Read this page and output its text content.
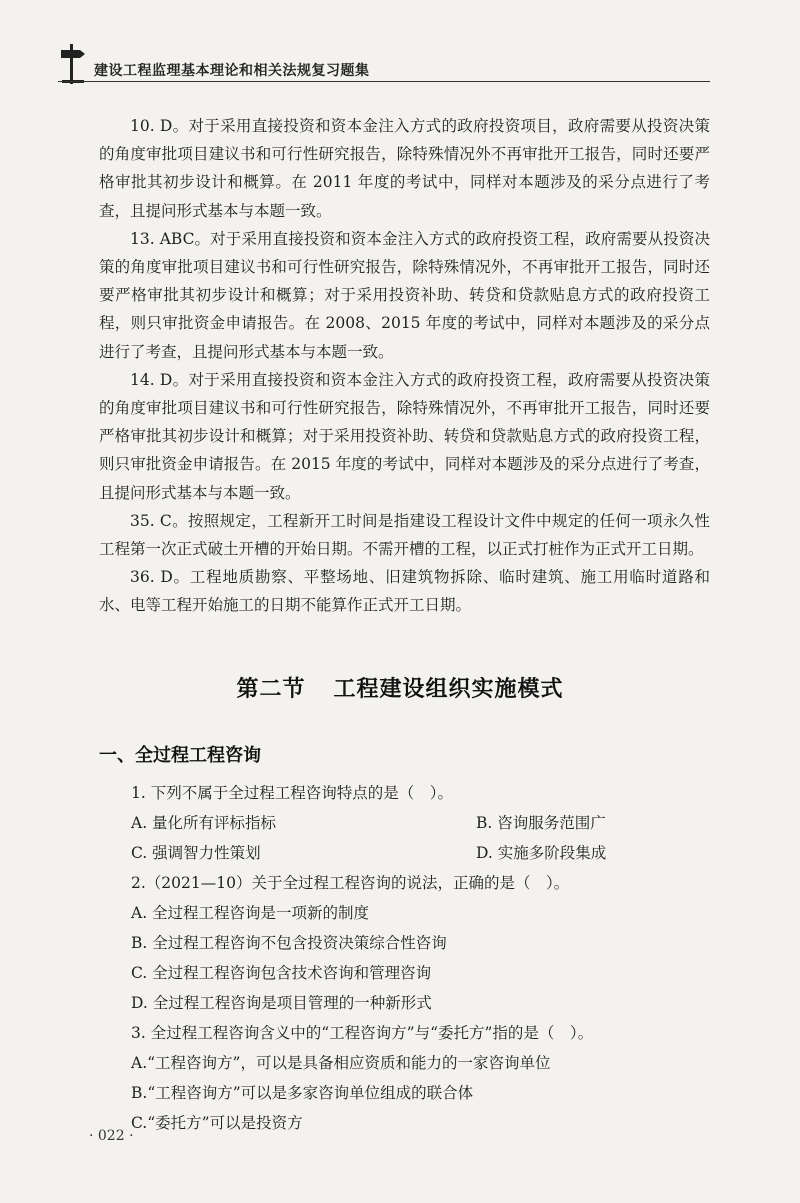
建设工程监理基本理论和相关法规复习题集

10. D。对于采用直接投资和资本金注入方式的政府投资项目，政府需要从投资决策的角度审批项目建议书和可行性研究报告，除特殊情况外不再审批开工报告，同时还要严格审批其初步设计和概算。在 2011 年度的考试中，同样对本题涉及的采分点进行了考查，且提问形式基本与本题一致。

13. ABC。对于采用直接投资和资本金注入方式的政府投资工程，政府需要从投资决策的角度审批项目建议书和可行性研究报告，除特殊情况外，不再审批开工报告，同时还要严格审批其初步设计和概算；对于采用投资补助、转贷和贷款贴息方式的政府投资工程，则只审批资金申请报告。在 2008、2015 年度的考试中，同样对本题涉及的采分点进行了考查，且提问形式基本与本题一致。

14. D。对于采用直接投资和资本金注入方式的政府投资工程，政府需要从投资决策的角度审批项目建议书和可行性研究报告，除特殊情况外，不再审批开工报告，同时还要严格审批其初步设计和概算；对于采用投资补助、转贷和贷款贴息方式的政府投资工程，则只审批资金申请报告。在 2015 年度的考试中，同样对本题涉及的采分点进行了考查，且提问形式基本与本题一致。

35. C。按照规定，工程新开工时间是指建设工程设计文件中规定的任何一项永久性工程第一次正式破土开槽的开始日期。不需开槽的工程，以正式打桩作为正式开工日期。

36. D。工程地质勘察、平整场地、旧建筑物拆除、临时建筑、施工用临时道路和水、电等工程开始施工的日期不能算作正式开工日期。

第二节 工程建设组织实施模式
一、全过程工程咨询
1. 下列不属于全过程工程咨询特点的是（　）。
A. 量化所有评标指标	B. 咨询服务范围广
C. 强调智力性策划	D. 实施多阶段集成
2.（2021—10）关于全过程工程咨询的说法，正确的是（　）。
A. 全过程工程咨询是一项新的制度
B. 全过程工程咨询不包含投资决策综合性咨询
C. 全过程工程咨询包含技术咨询和管理咨询
D. 全过程工程咨询是项目管理的一种新形式
3. 全过程工程咨询含义中的“工程咨询方”与“委托方”指的是（　）。
A.“工程咨询方”，可以是具备相应资质和能力的一家咨询单位
B.“工程咨询方”可以是多家咨询单位组成的联合体
C.“委托方”可以是投资方
· 022 ·
